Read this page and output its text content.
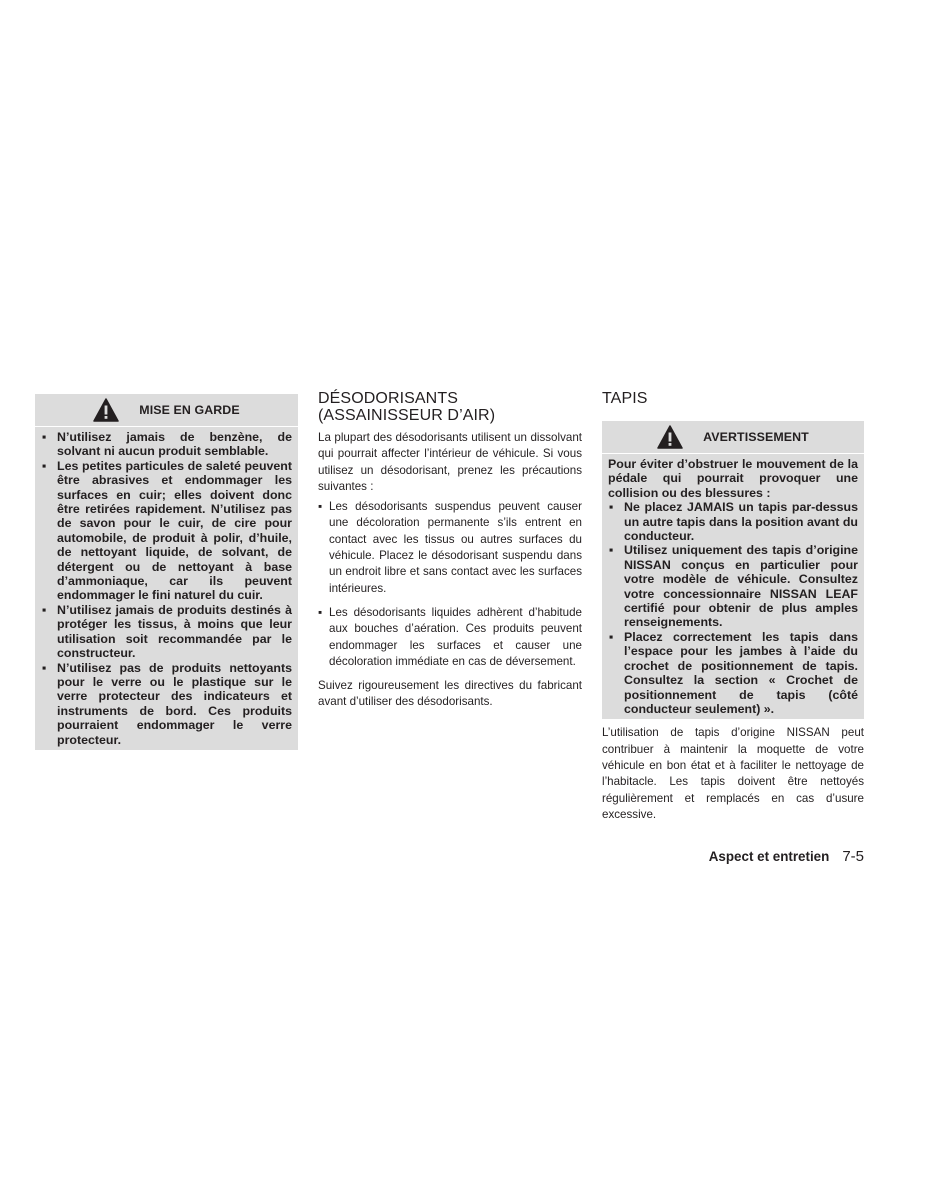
MISE EN GARDE
▪ N’utilisez jamais de benzène, de solvant ni aucun produit semblable.
▪ Les petites particules de saleté peuvent être abrasives et endommager les surfaces en cuir; elles doivent donc être retirées rapidement. N’utilisez pas de savon pour le cuir, de cire pour automobile, de produit à polir, d’huile, de nettoyant liquide, de solvant, de détergent ou de nettoyant à base d’ammoniaque, car ils peuvent endommager le fini naturel du cuir.
▪ N’utilisez jamais de produits destinés à protéger les tissus, à moins que leur utilisation soit recommandée par le constructeur.
▪ N’utilisez pas de produits nettoyants pour le verre ou le plastique sur le verre protecteur des indicateurs et instruments de bord. Ces produits pourraient endommager le verre protecteur.
DÉSODORISANTS (ASSAINISSEUR D’AIR)

La plupart des désodorisants utilisent un dissolvant qui pourrait affecter l’intérieur de véhicule. Si vous utilisez un désodorisant, prenez les précautions suivantes :

▪ Les désodorisants suspendus peuvent causer une décoloration permanente s’ils entrent en contact avec les tissus ou autres surfaces du véhicule. Placez le désodorisant suspendu dans un endroit libre et sans contact avec les surfaces intérieures.
▪ Les désodorisants liquides adhèrent d’habitude aux bouches d’aération. Ces produits peuvent endommager les surfaces et causer une décoloration immédiate en cas de déversement.

Suivez rigoureusement les directives du fabricant avant d’utiliser des désodorisants.

TAPIS
AVERTISSEMENT

Pour éviter d’obstruer le mouvement de la pédale qui pourrait provoquer une collision ou des blessures :

▪ Ne placez JAMAIS un tapis par-dessus un autre tapis dans la position avant du conducteur.
▪ Utilisez uniquement des tapis d’origine NISSAN conçus en particulier pour votre modèle de véhicule. Consultez votre concessionnaire NISSAN LEAF certifié pour obtenir de plus amples renseignements.
▪ Placez correctement les tapis dans l’espace pour les jambes à l’aide du crochet de positionnement de tapis. Consultez la section « Crochet de positionnement de tapis (côté conducteur seulement) ».

L’utilisation de tapis d’origine NISSAN peut contribuer à maintenir la moquette de votre véhicule en bon état et à faciliter le nettoyage de l’habitacle. Les tapis doivent être nettoyés régulièrement et remplacés en cas d’usure excessive.

Aspect et entretien 7-5
